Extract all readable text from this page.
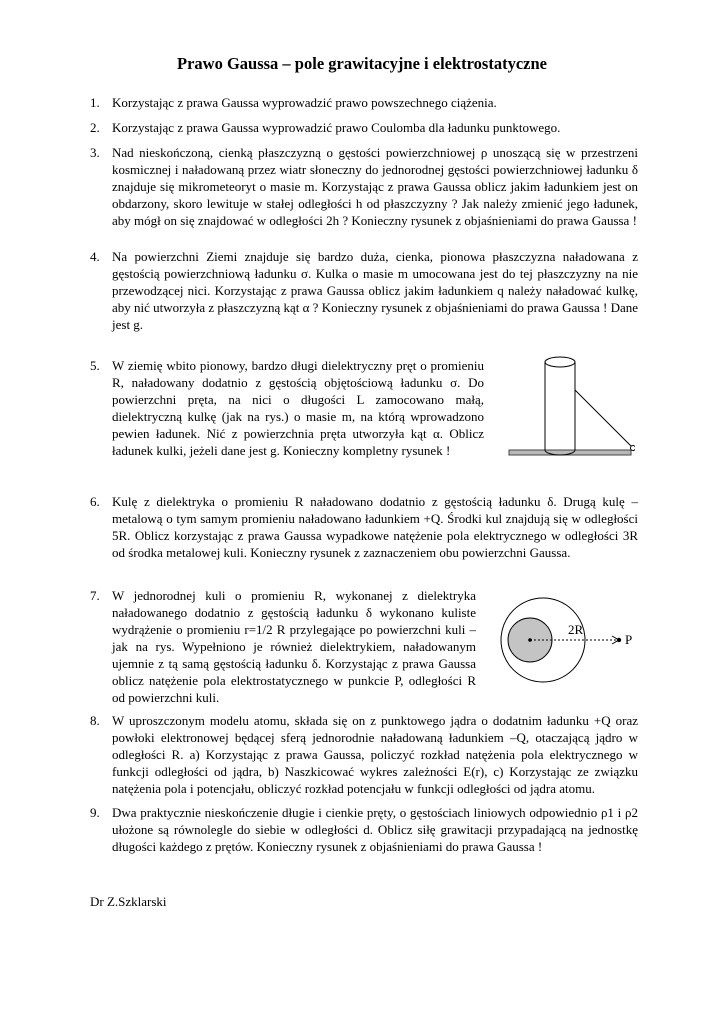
Prawo Gaussa – pole grawitacyjne i elektrostatyczne
1. Korzystając z prawa Gaussa wyprowadzić prawo powszechnego ciążenia.
2. Korzystając z prawa Gaussa wyprowadzić prawo Coulomba dla ładunku punktowego.
3. Nad nieskończoną, cienką płaszczyzną o gęstości powierzchniowej ρ unoszącą się w przestrzeni kosmicznej i naładowaną przez wiatr słoneczny do jednorodnej gęstości powierzchniowej ładunku δ znajduje się mikrometeoryt o masie m. Korzystając z prawa Gaussa oblicz jakim ładunkiem jest on obdarzony, skoro lewituje w stałej odległości h od płaszczyzny ? Jak należy zmienić jego ładunek, aby mógł on się znajdować w odległości 2h ? Konieczny rysunek z objaśnieniami do prawa Gaussa !
4. Na powierzchni Ziemi znajduje się bardzo duża, cienka, pionowa płaszczyzna naładowana z gęstością powierzchniową ładunku σ. Kulka o masie m umocowana jest do tej płaszczyzny na nie przewodzącej nici. Korzystając z prawa Gaussa oblicz jakim ładunkiem q należy naładować kulkę, aby nić utworzyła z płaszczyzną kąt α ? Konieczny rysunek z objaśnieniami do prawa Gaussa ! Dane jest g.
5. W ziemię wbito pionowy, bardzo długi dielektryczny pręt o promieniu R, naładowany dodatnio z gęstością objętościową ładunku σ. Do powierzchni pręta, na nici o długości L zamocowano małą, dielektryczną kulkę (jak na rys.) o masie m, na którą wprowadzono pewien ładunek. Nić z powierzchnia pręta utworzyła kąt α. Oblicz ładunek kulki, jeżeli dane jest g. Konieczny kompletny rysunek !
6. Kulę z dielektryka o promieniu R naładowano dodatnio z gęstością ładunku δ. Drugą kulę – metalową o tym samym promieniu naładowano ładunkiem +Q. Środki kul znajdują się w odległości 5R. Oblicz korzystając z prawa Gaussa wypadkowe natężenie pola elektrycznego w odległości 3R od środka metalowej kuli. Konieczny rysunek z zaznaczeniem obu powierzchni Gaussa.
7. W jednorodnej kuli o promieniu R, wykonanej z dielektryka naładowanego dodatnio z gęstością ładunku δ wykonano kuliste wydrążenie o promieniu r=1/2 R przylegające po powierzchni kuli – jak na rys. Wypełniono je również dielektrykiem, naładowanym ujemnie z tą samą gęstością ładunku δ. Korzystając z prawa Gaussa oblicz natężenie pola elektrostatycznego w punkcie P, odległości R od powierzchni kuli.
2R
P
8. W uproszczonym modelu atomu, składa się on z punktowego jądra o dodatnim ładunku +Q oraz powłoki elektronowej będącej sferą jednorodnie naładowaną ładunkiem –Q, otaczającą jądro w odległości R. a) Korzystając z prawa Gaussa, policzyć rozkład natężenia pola elektrycznego w funkcji odległości od jądra, b) Naszkicować wykres zależności E(r), c) Korzystając ze związku natężenia pola i potencjału, obliczyć rozkład potencjału w funkcji odległości od jądra atomu.
9. Dwa praktycznie nieskończenie długie i cienkie pręty, o gęstościach liniowych odpowiednio ρ1 i ρ2 ułożone są równolegle do siebie w odległości d. Oblicz siłę grawitacji przypadającą na jednostkę długości każdego z prętów. Konieczny rysunek z objaśnieniami do prawa Gaussa !
Dr Z.Szklarski
